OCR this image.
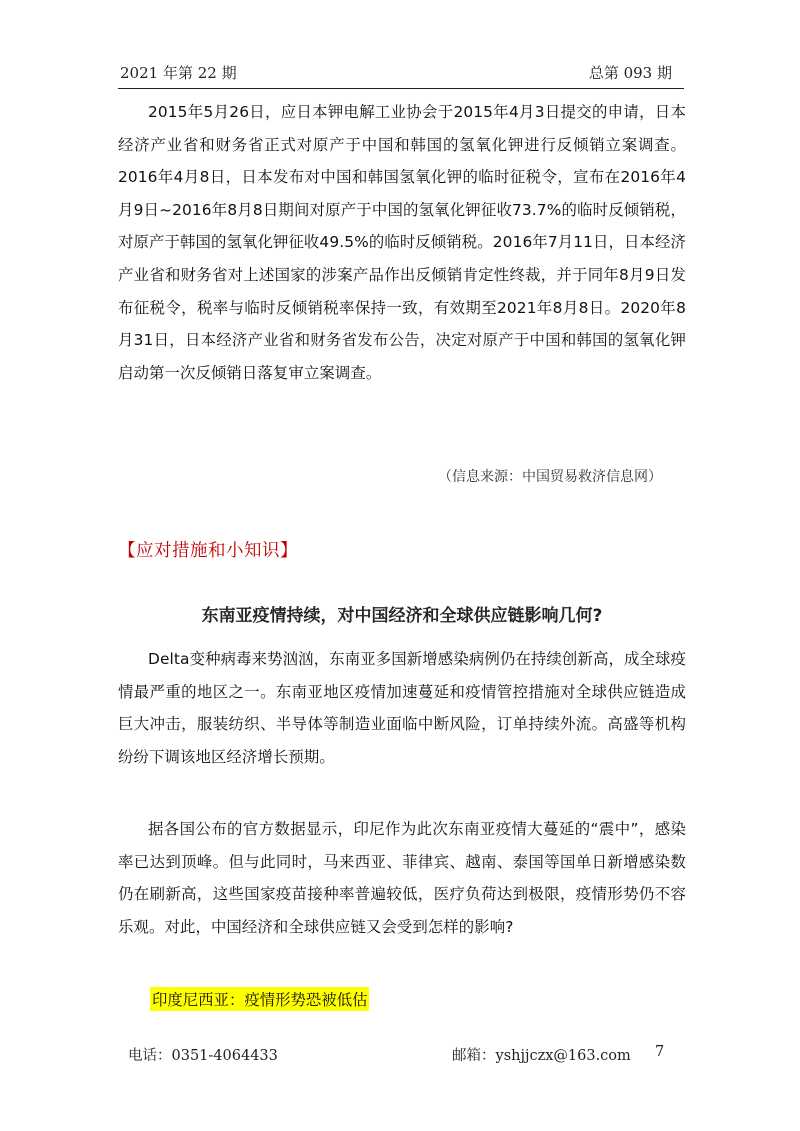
2021 年第 22 期	总第 093 期

2015年5月26日，应日本钾电解工业协会于2015年4月3日提交的申请，日本经济产业省和财务省正式对原产于中国和韩国的氢氧化钾进行反倾销立案调查。2016年4月8日，日本发布对中国和韩国氢氧化钾的临时征税令，宣布在2016年4月9日~2016年8月8日期间对原产于中国的氢氧化钾征收73.7%的临时反倾销税，对原产于韩国的氢氧化钾征收49.5%的临时反倾销税。2016年7月11日，日本经济产业省和财务省对上述国家的涉案产品作出反倾销肯定性终裁，并于同年8月9日发布征税令，税率与临时反倾销税率保持一致，有效期至2021年8月8日。2020年8月31日，日本经济产业省和财务省发布公告，决定对原产于中国和韩国的氢氧化钾启动第一次反倾销日落复审立案调查。

（信息来源：中国贸易救济信息网）
【应对措施和小知识】
东南亚疫情持续，对中国经济和全球供应链影响几何?

Delta变种病毒来势汹汹，东南亚多国新增感染病例仍在持续创新高，成全球疫情最严重的地区之一。东南亚地区疫情加速蔓延和疫情管控措施对全球供应链造成巨大冲击，服装纺织、半导体等制造业面临中断风险，订单持续外流。高盛等机构纷纷下调该地区经济增长预期。

据各国公布的官方数据显示，印尼作为此次东南亚疫情大蔓延的“震中”，感染率已达到顶峰。但与此同时，马来西亚、菲律宾、越南、泰国等国单日新增感染数仍在刷新高，这些国家疫苗接种率普遍较低，医疗负荷达到极限，疫情形势仍不容乐观。对此，中国经济和全球供应链又会受到怎样的影响?

印度尼西亚：疫情形势恐被低估
电话：0351-4064433	邮箱：yshjjczx@163.com 7
